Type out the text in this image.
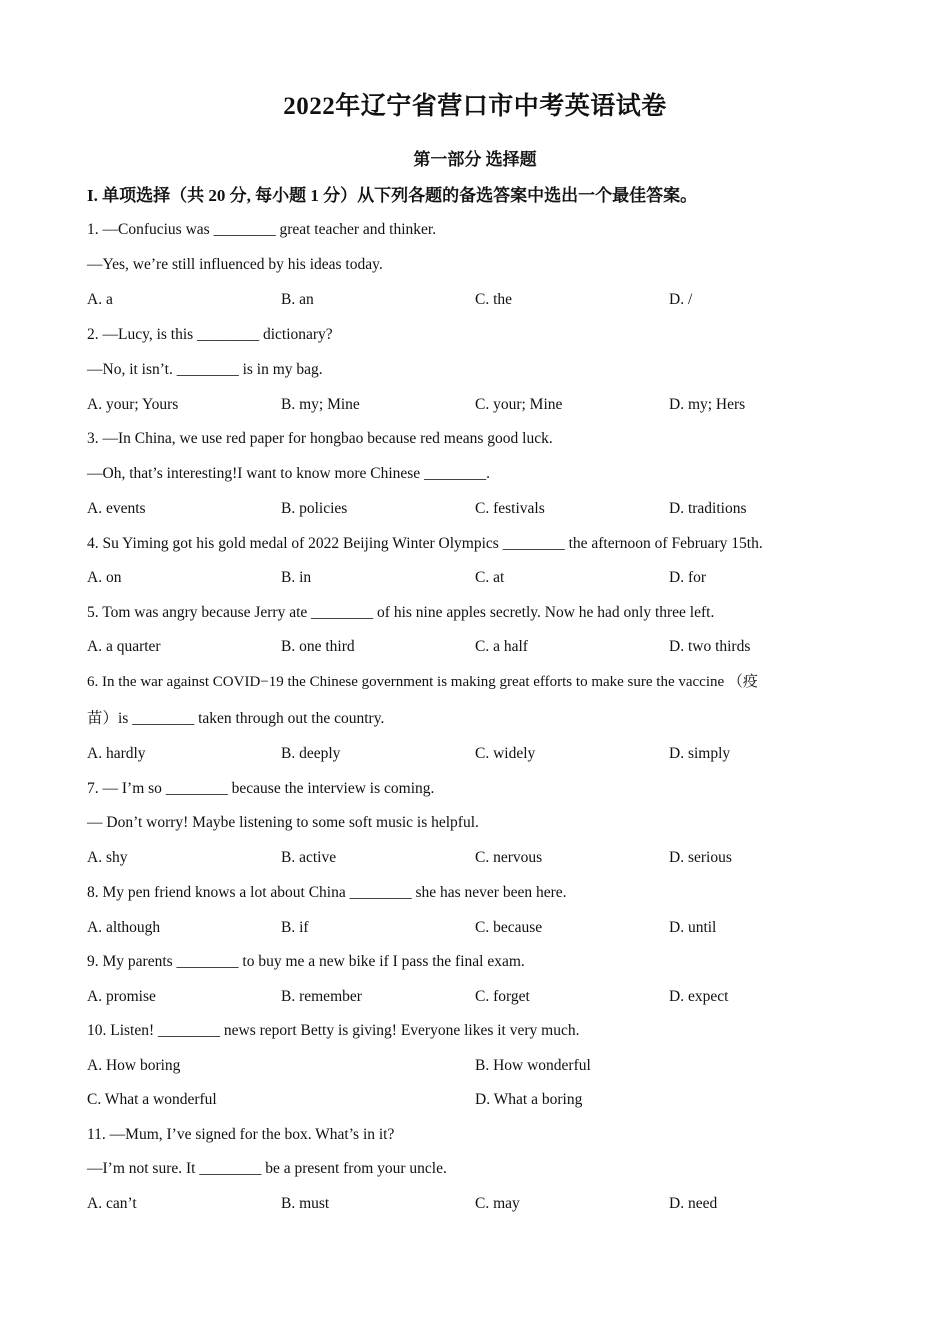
2022年辽宁省营口市中考英语试卷
第一部分 选择题
I. 单项选择（共 20 分, 每小题 1 分）从下列各题的备选答案中选出一个最佳答案。
1. —Confucius was ________ great teacher and thinker.
—Yes, we’re still influenced by his ideas today.
A. a	B. an	C. the	D. /
2. —Lucy, is this ________ dictionary?
—No, it isn’t. ________ is in my bag.
A. your; Yours	B. my; Mine	C. your; Mine	D. my; Hers
3. —In China, we use red paper for hongbao because red means good luck.
—Oh, that’s interesting!I want to know more Chinese ________.
A. events	B. policies	C. festivals	D. traditions
4. Su Yiming got his gold medal of 2022 Beijing Winter Olympics ________ the afternoon of February 15th.
A. on	B. in	C. at	D. for
5. Tom was angry because Jerry ate ________ of his nine apples secretly. Now he had only three left.
A. a quarter	B. one third	C. a half	D. two thirds
6. In the war against COVID−19 the Chinese government is making great efforts to make sure the vaccine （疫
苗）is ________ taken through out the country.
A. hardly	B. deeply	C. widely	D. simply
7. — I’m so ________ because the interview is coming.
— Don’t worry! Maybe listening to some soft music is helpful.
A. shy	B. active	C. nervous	D. serious
8. My pen friend knows a lot about China ________ she has never been here.
A. although	B. if	C. because	D. until
9. My parents ________ to buy me a new bike if I pass the final exam.
A. promise	B. remember	C. forget	D. expect
10. Listen! ________ news report Betty is giving! Everyone likes it very much.
A. How boring	B. How wonderful
C. What a wonderful	D. What a boring
11. —Mum, I’ve signed for the box. What’s in it?
—I’m not sure. It ________ be a present from your uncle.
A. can’t	B. must	C. may	D. need
